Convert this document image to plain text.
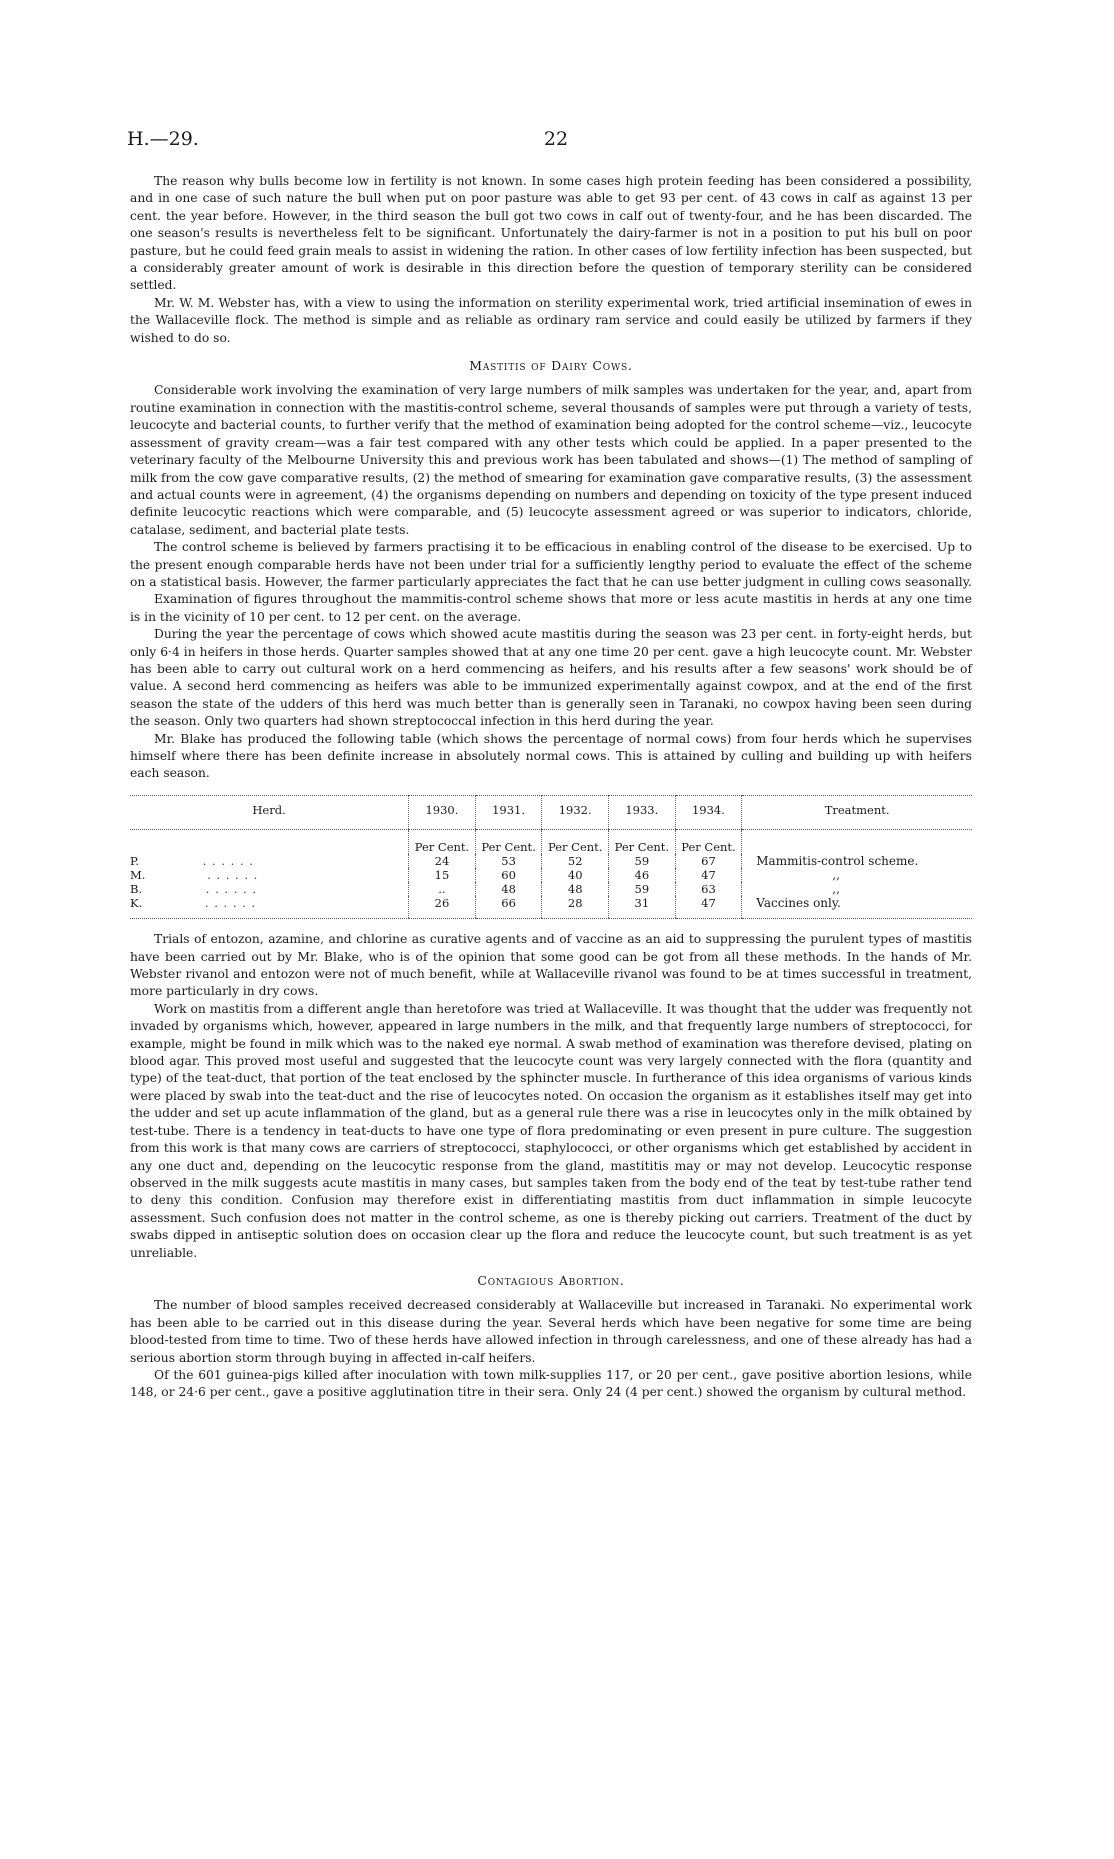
H.—29.	22

The reason why bulls become low in fertility is not known. In some cases high protein feeding has been considered a possibility, and in one case of such nature the bull when put on poor pasture was able to get 93 per cent. of 43 cows in calf as against 13 per cent. the year before. However, in the third season the bull got two cows in calf out of twenty-four, and he has been discarded. The one season's results is nevertheless felt to be significant. Unfortunately the dairy-farmer is not in a position to put his bull on poor pasture, but he could feed grain meals to assist in widening the ration. In other cases of low fertility infection has been suspected, but a considerably greater amount of work is desirable in this direction before the question of temporary sterility can be considered settled.

Mr. W. M. Webster has, with a view to using the information on sterility experimental work, tried artificial insemination of ewes in the Wallaceville flock. The method is simple and as reliable as ordinary ram service and could easily be utilized by farmers if they wished to do so.

Mastitis of Dairy Cows.

Considerable work involving the examination of very large numbers of milk samples was undertaken for the year, and, apart from routine examination in connection with the mastitis-control scheme, several thousands of samples were put through a variety of tests, leucocyte and bacterial counts, to further verify that the method of examination being adopted for the control scheme—viz., leucocyte assessment of gravity cream—was a fair test compared with any other tests which could be applied. In a paper presented to the veterinary faculty of the Melbourne University this and previous work has been tabulated and shows—(1) The method of sampling of milk from the cow gave comparative results, (2) the method of smearing for examination gave comparative results, (3) the assessment and actual counts were in agreement, (4) the organisms depending on numbers and depending on toxicity of the type present induced definite leucocytic reactions which were comparable, and (5) leucocyte assessment agreed or was superior to indicators, chloride, catalase, sediment, and bacterial plate tests.

The control scheme is believed by farmers practising it to be efficacious in enabling control of the disease to be exercised. Up to the present enough comparable herds have not been under trial for a sufficiently lengthy period to evaluate the effect of the scheme on a statistical basis. However, the farmer particularly appreciates the fact that he can use better judgment in culling cows seasonally.

Examination of figures throughout the mammitis-control scheme shows that more or less acute mastitis in herds at any one time is in the vicinity of 10 per cent. to 12 per cent. on the average.

During the year the percentage of cows which showed acute mastitis during the season was 23 per cent. in forty-eight herds, but only 6·4 in heifers in those herds. Quarter samples showed that at any one time 20 per cent. gave a high leucocyte count. Mr. Webster has been able to carry out cultural work on a herd commencing as heifers, and his results after a few seasons' work should be of value. A second herd commencing as heifers was able to be immunized experimentally against cowpox, and at the end of the first season the state of the udders of this herd was much better than is generally seen in Taranaki, no cowpox having been seen during the season. Only two quarters had shown streptococcal infection in this herd during the year.

Mr. Blake has produced the following table (which shows the percentage of normal cows) from four herds which he supervises himself where there has been definite increase in absolutely normal cows. This is attained by culling and building up with heifers each season.

Herd.	1930.	1931.	1932.	1933.	1934.	Treatment.
	Per Cent.	Per Cent.	Per Cent.	Per Cent.	Per Cent.	
P. . . . . . .	24	53	52	59	67	Mammitis-control scheme.
M. . . . . . .	15	60	40	46	47	,,
B. . . . . . .	..	48	48	59	63	,,
K. . . . . . .	26	66	28	31	47	Vaccines only.

Trials of entozon, azamine, and chlorine as curative agents and of vaccine as an aid to suppressing the purulent types of mastitis have been carried out by Mr. Blake, who is of the opinion that some good can be got from all these methods. In the hands of Mr. Webster rivanol and entozon were not of much benefit, while at Wallaceville rivanol was found to be at times successful in treatment, more particularly in dry cows.

Work on mastitis from a different angle than heretofore was tried at Wallaceville. It was thought that the udder was frequently not invaded by organisms which, however, appeared in large numbers in the milk, and that frequently large numbers of streptococci, for example, might be found in milk which was to the naked eye normal. A swab method of examination was therefore devised, plating on blood agar. This proved most useful and suggested that the leucocyte count was very largely connected with the flora (quantity and type) of the teat-duct, that portion of the teat enclosed by the sphincter muscle. In furtherance of this idea organisms of various kinds were placed by swab into the teat-duct and the rise of leucocytes noted. On occasion the organism as it establishes itself may get into the udder and set up acute inflammation of the gland, but as a general rule there was a rise in leucocytes only in the milk obtained by test-tube. There is a tendency in teat-ducts to have one type of flora predominating or even present in pure culture. The suggestion from this work is that many cows are carriers of streptococci, staphylococci, or other organisms which get established by accident in any one duct and, depending on the leucocytic response from the gland, mastititis may or may not develop. Leucocytic response observed in the milk suggests acute mastitis in many cases, but samples taken from the body end of the teat by test-tube rather tend to deny this condition. Confusion may therefore exist in differentiating mastitis from duct inflammation in simple leucocyte assessment. Such confusion does not matter in the control scheme, as one is thereby picking out carriers. Treatment of the duct by swabs dipped in antiseptic solution does on occasion clear up the flora and reduce the leucocyte count, but such treatment is as yet unreliable.

Contagious Abortion.

The number of blood samples received decreased considerably at Wallaceville but increased in Taranaki. No experimental work has been able to be carried out in this disease during the year. Several herds which have been negative for some time are being blood-tested from time to time. Two of these herds have allowed infection in through carelessness, and one of these already has had a serious abortion storm through buying in affected in-calf heifers.

Of the 601 guinea-pigs killed after inoculation with town milk-supplies 117, or 20 per cent., gave positive abortion lesions, while 148, or 24·6 per cent., gave a positive agglutination titre in their sera. Only 24 (4 per cent.) showed the organism by cultural method.
